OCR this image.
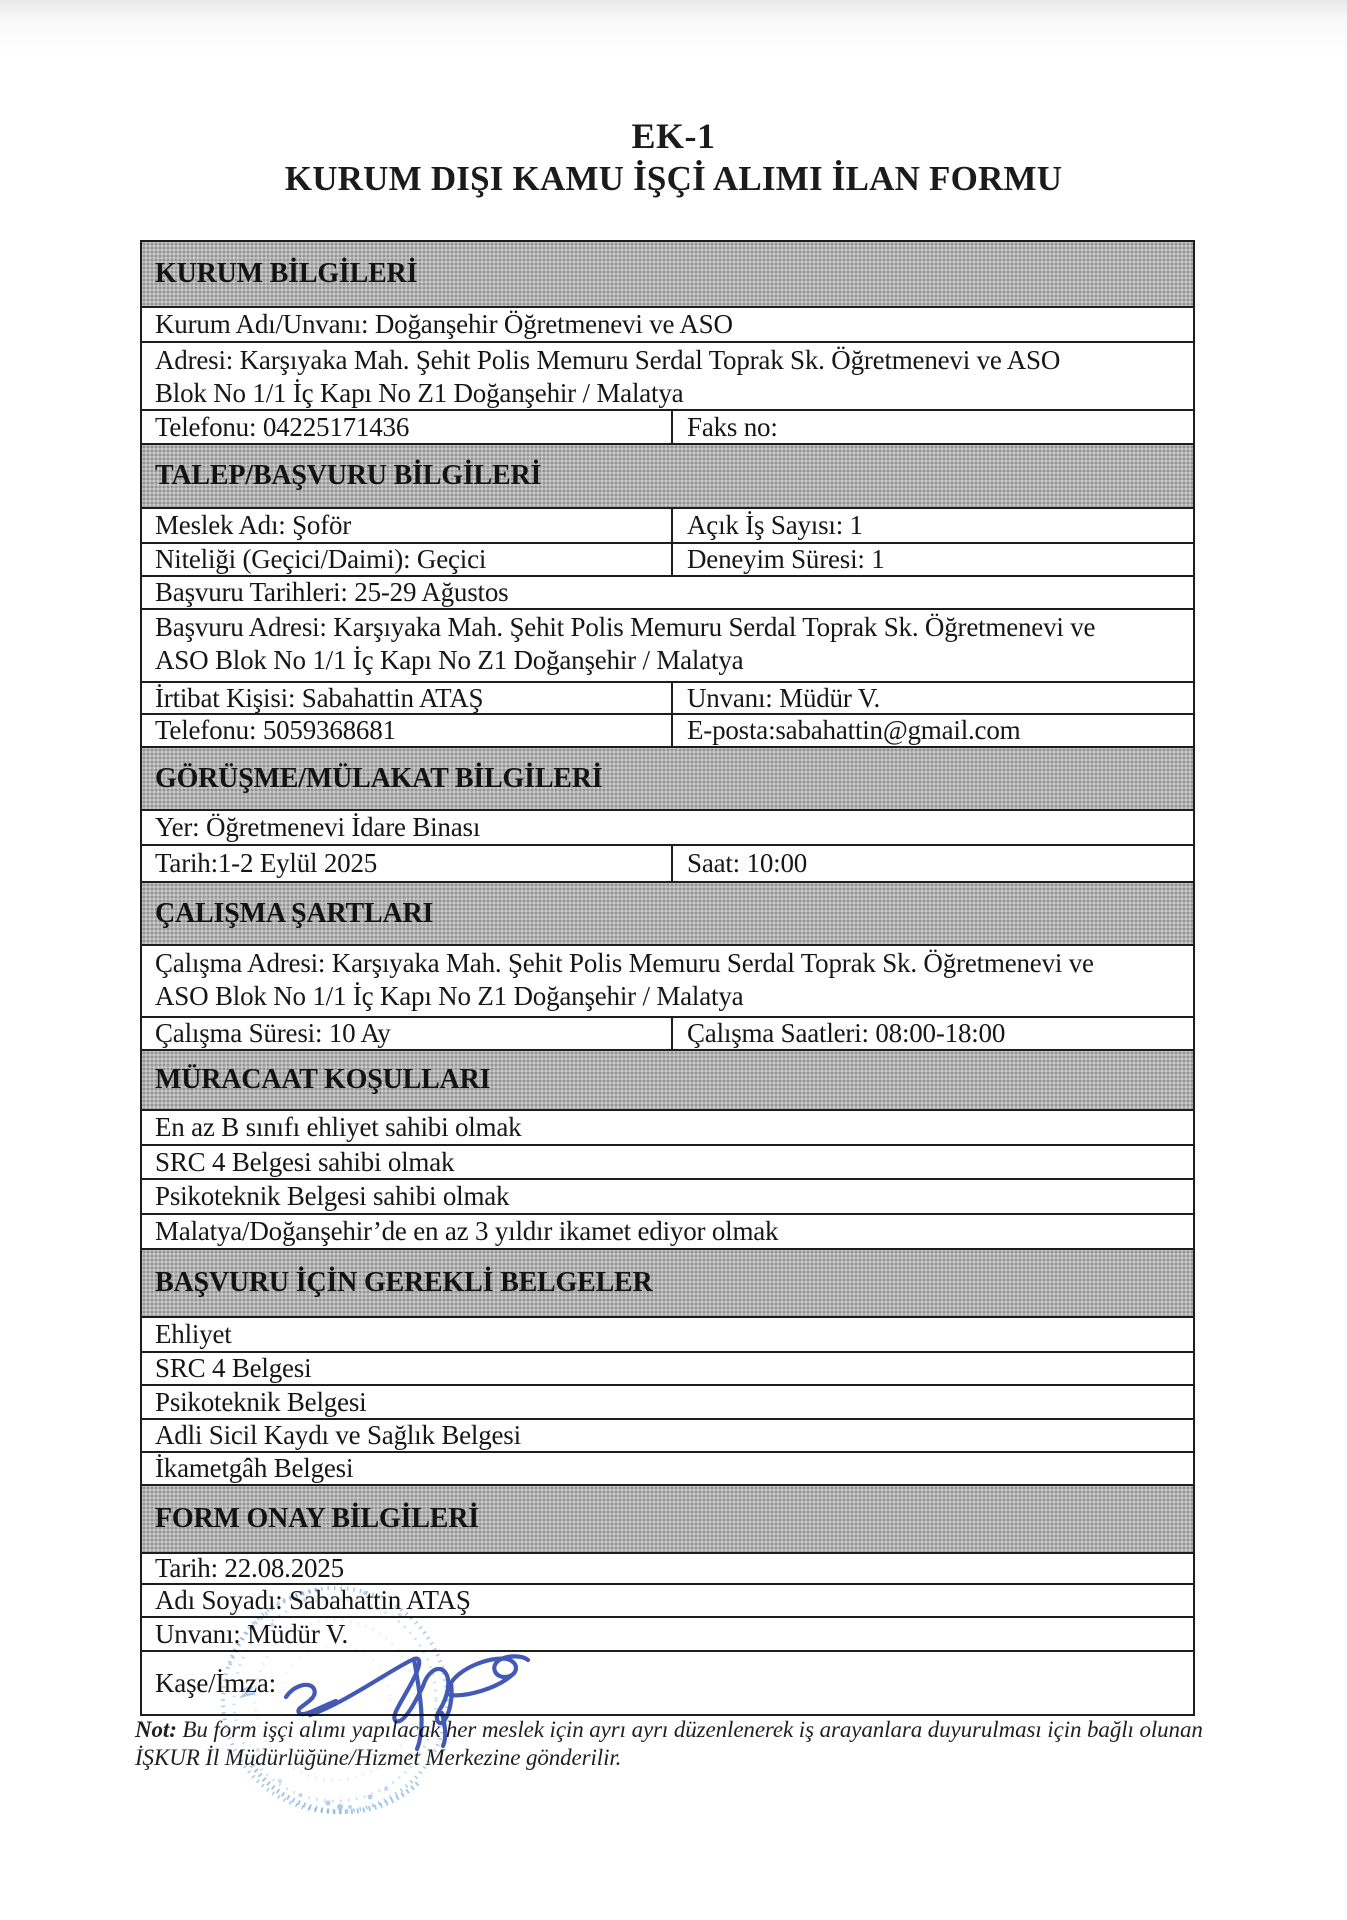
EK-1
KURUM DIŞI KAMU İŞÇİ ALIMI İLAN FORMU
KURUM BİLGİLERİ
Kurum Adı/Unvanı: Doğanşehir Öğretmenevi ve ASO
Adresi: Karşıyaka Mah. Şehit Polis Memuru Serdal Toprak Sk. Öğretmenevi ve ASO
Blok No 1/1 İç Kapı No Z1 Doğanşehir / Malatya
Telefonu: 04225171436	Faks no:
TALEP/BAŞVURU BİLGİLERİ
Meslek Adı: Şoför	Açık İş Sayısı: 1
Niteliği (Geçici/Daimi): Geçici	Deneyim Süresi: 1
Başvuru Tarihleri: 25-29 Ağustos
Başvuru Adresi: Karşıyaka Mah. Şehit Polis Memuru Serdal Toprak Sk. Öğretmenevi ve
ASO Blok No 1/1 İç Kapı No Z1 Doğanşehir / Malatya
İrtibat Kişisi: Sabahattin ATAŞ	Unvanı: Müdür V.
Telefonu: 5059368681	E-posta:sabahattin@gmail.com
GÖRÜŞME/MÜLAKAT BİLGİLERİ
Yer: Öğretmenevi İdare Binası
Tarih:1-2 Eylül 2025	Saat: 10:00
ÇALIŞMA ŞARTLARI
Çalışma Adresi: Karşıyaka Mah. Şehit Polis Memuru Serdal Toprak Sk. Öğretmenevi ve
ASO Blok No 1/1 İç Kapı No Z1 Doğanşehir / Malatya
Çalışma Süresi: 10 Ay	Çalışma Saatleri: 08:00-18:00
MÜRACAAT KOŞULLARI
En az B sınıfı ehliyet sahibi olmak
SRC 4 Belgesi sahibi olmak
Psikoteknik Belgesi sahibi olmak
Malatya/Doğanşehir’de en az 3 yıldır ikamet ediyor olmak
BAŞVURU İÇİN GEREKLİ BELGELER
Ehliyet
SRC 4 Belgesi
Psikoteknik Belgesi
Adli Sicil Kaydı ve Sağlık Belgesi
İkametgâh Belgesi
FORM ONAY BİLGİLERİ
Tarih: 22.08.2025
Adı Soyadı: Sabahattin ATAŞ
Unvanı: Müdür V.
Kaşe/İmza:
Not: Bu form işçi alımı yapılacak her meslek için ayrı ayrı düzenlenerek iş arayanlara duyurulması için bağlı olunan İŞKUR İl Müdürlüğüne/Hizmet Merkezine gönderilir.
